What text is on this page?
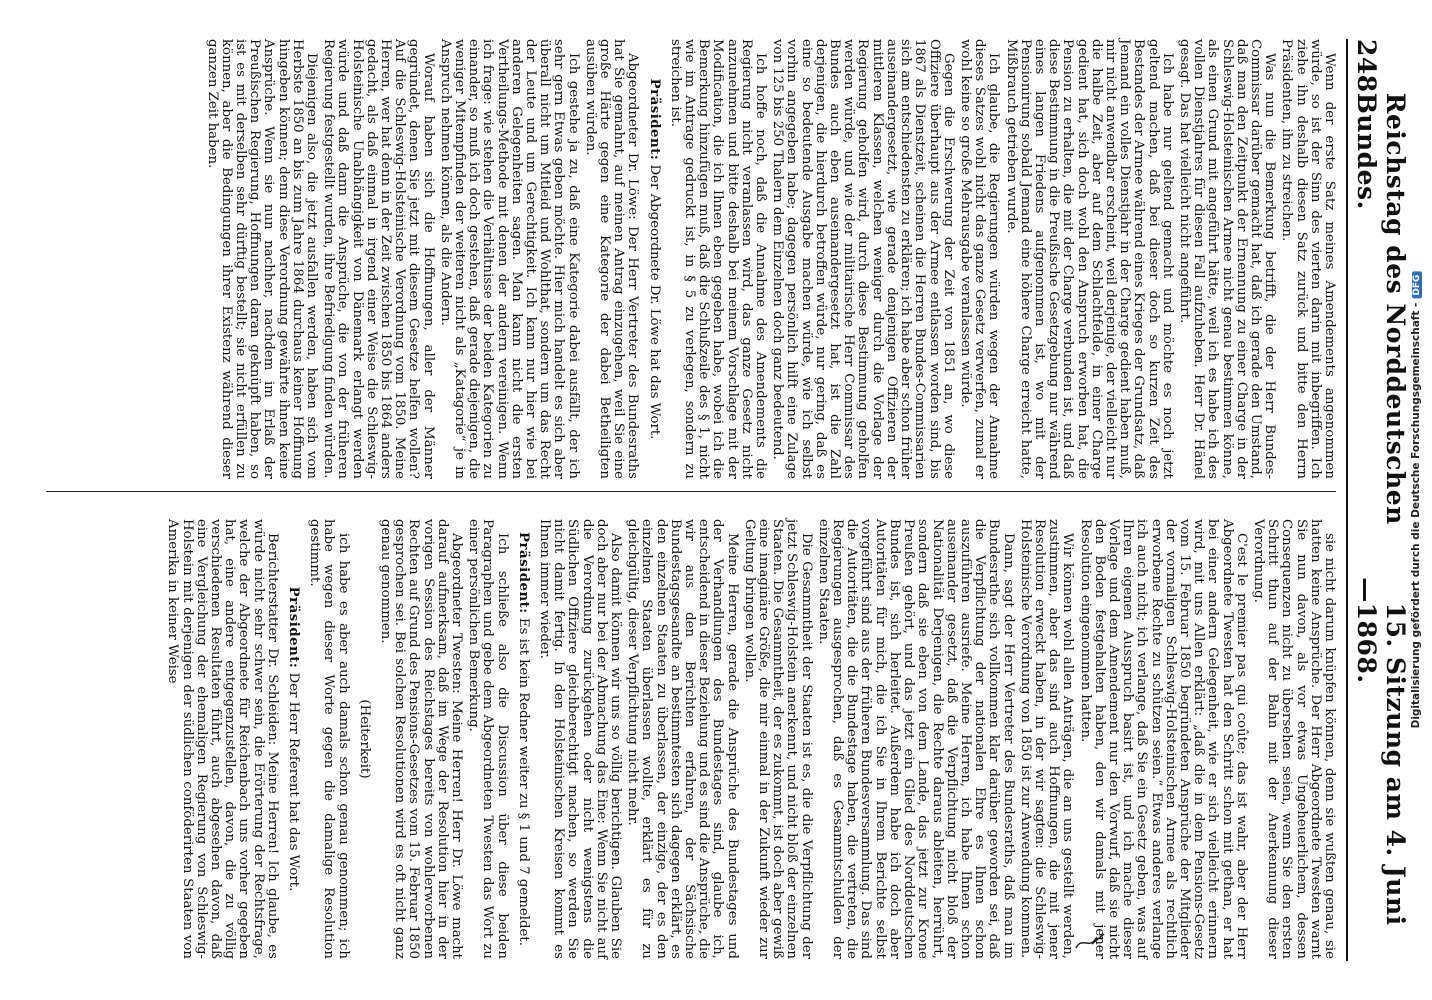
248
Reichstag des Norddeutschen Bundes.
—
15. Sitzung am 4. Juni 1868.

Wenn der erste Satz meines Amendements angenommen würde, so ist der Sinn des vierten darin mit inbegriffen. Ich ziehe ihn deshalb diesen Satz zurück und bitte den Herrn Präsidenten, ihn zu streichen.

Was nun die Bemerkung betrifft, die der Herr Bundes-Commissar darüber gemacht hat, daß ich gerade den Umstand, daß man den Zeitpunkt der Ernennung zu einer Charge in der Schleswig-Holsteinischen Armee nicht genau bestimmen könne, als einen Grund mit angeführt hätte, weil ich es habe ich des vollen Dienstjahres für diesen Fall aufzuheben. Herr Dr. Hänel gesagt. Das hat vielleicht nicht angeführt.

Ich habe nur geltend gemacht und möchte es noch jetzt geltend machen, daß bei dieser doch so kurzen Zeit des Bestandes der Armee während eines Krieges der Grundsatz, daß Jemand ein volles Dienstjahr in der Charge gedient haben muß, mir nicht anwendbar erscheint, weil derjenige, der vielleicht nur die halbe Zeit, aber auf dem Schlachtfelde, in einer Charge gedient hat, sich doch wohl den Anspruch erworben hat, die Pension zu erhalten, die mit der Charge verbunden ist, und daß diese Bestimmung in die Preußische Gesetzgebung nur während eines langen Friedens aufgenommen ist, wo mit der Pensionirung sobald Jemand eine höhere Charge erreicht hatte, Mißbrauch getrieben wurde.

Ich glaube, die Regierungen würden wegen der Annahme dieses Satzes wohl nicht das ganze Gesetz verwerfen, zumal er wohl keine so große Mehrausgabe veranlassen würde.

Gegen die Erschwerung der Zeit von 1851 an, wo diese Offiziere überhaupt aus der Armee entlassen worden sind, bis 1867 als Dienstzeit, scheinen die Herren Bundes-Commissarien sich am entschiedensten zu erklären; ich habe aber schon früher auseinandergesetzt, wie gerade denjenigen Offizieren der mittleren Klassen, welchen weniger durch die Vorlage der Regierung geholfen wird, durch diese Bestimmung geholfen werden würde, und wie der militairische Herr Commissar des Bundes auch eben auseinandergesetzt hat, ist die Zahl derjenigen, die hierdurch betroffen würde, nur gering, daß es eine so bedeutende Ausgabe machen würde, wie ich selbst vorhin angegeben habe; dagegen persönlich hilft eine Zulage von 125 bis 250 Thalern dem Einzelnen doch ganz bedeutend.

Ich hoffe noch, daß die Annahme des Amendements die Regierung nicht veranlassen wird, das ganze Gesetz nicht anzunehmen und bitte deshalb bei meinem Vorschlage mit der Modification, die ich Ihnen eben gegeben habe, wobei ich die Bemerkung hinzufügen muß, daß die Schlußzeile des § 1, nicht wie im Antrage gedruckt ist, in § 5 zu verlegen, sondern zu streichen ist.

Präsident: Der Abgeordnete Dr. Löwe hat das Wort.

Abgeordneter Dr. Löwe: Der Herr Vertreter des Bundesraths hat Sie gemahnt, auf meinen Antrag einzugehen, weil Sie eine große Härte gegen eine Kategorie der dabei Betheiligten ausüben würden.

Ich gestehe ja zu, daß eine Kategorie dabei ausfällt, der ich sehr gern Etwas geben möchte. Hier mich handelt es sich aber überall nicht um Mitleid und Wohlthat, sondern um das Recht der Leute und um Gerechtigkeit. Ich kann nur hier wie bei anderen Gelegenheiten sagen. Man kann nicht die ersten Vertheilungs-Methode mit denen der andern vereinigen. Wenn ich frage: wie stehen die Verhältnisse der beiden Kategorien zu einander, so muß ich doch gestehen, daß gerade diejenigen, die weniger Mitempfinden der weiteren nicht als „Katagorie“ je in Anspruch nehmen können, als die Andern.

Worauf haben sich die Hoffnungen, aller der Männer gegründet, denen Sie jetzt mit diesem Gesetze helfen wollen? Auf die Schleswig-Holsteinische Verordnung vom 1850. Meine Herren, wer hat denn in der Zeit zwischen 1850 bis 1864 anders gedacht, als daß einmal in irgend einer Weise die Schleswig-Holsteinische Unabhängigkeit von Dänemark erlangt werden würde und daß dann die Ansprüche, die von der früheren Regierung festgestellt wurden, ihre Befriedigung finden würden.

Diejenigen also, die jetzt ausfallen werden, haben sich vom Herbste 1850 an bis zum Jahre 1864 durchaus keiner Hoffnung hingeben können; denn diese Verordnung gewährte ihnen keine Ansprüche. Wenn sie nun nachher, nachdem im Erlaß der Preußischen Regierung, Hoffnungen daran geknüpft haben, so ist es mit derselben sehr dürftig bestellt; sie nicht erfüllen zu können, aber die Bedingungen ihrer Existenz während dieser ganzen Zeit haben.

sie nicht darum knüpfen können, denn sie wußten genau, sie hatten keine Ansprüche. Der Herr Abgeordnete Twesten warnt Sie nun davon, als vor etwas Ungeheuerlichem, dessen Consequenzen nicht zu übersehen seien, wenn Sie den ersten Schritt thun auf der Bahn mit der Anerkennung dieser Verordnung.

C'est le premier pas qui coûte; das ist wahr, aber der Herr Abgeordnete Twesten hat den Schritt schon mit gethan, er hat bei einer andern Gelegenheit, wie er sich vielleicht erinnern wird, mit uns Allen erklärt: „daß die in dem Pensions-Gesetz vom 15. Februar 1850 begründeten Ansprüche der Mitglieder der vormaligen Schleswig-Holsteinischen Armee als rechtlich erworbene Rechte zu schützen seien.“ Etwas anderes verlange ich auch nicht; ich verlange, daß Sie ein Gesetz geben, was auf Ihren eigenen Ausspruch basirt ist, und ich mache dieser Vorlage und dem Amendement nur den Vorwurf, daß sie nicht den Boden festgehalten haben, den wir damals mit jener Resolution eingenommen hatten.

Wir können wohl allen Anträgen, die an uns gestellt werden, zustimmen, aber das sind auch Hoffnungen, die mit jener Resolution erweckt haben, in der wir sagten: die Schleswig-Holsteinische Verordnung von 1850 ist zur Anwendung kommen.

Dann, sagt der Herr Vertreter des Bundesraths, daß man im Bundesrathe sich vollkommen klar darüber geworden sei, daß die Verpflichtung der nationalen Ehre es Ihnen schon auszuführen ausriefe. Meine Herren, ich habe Ihnen schon auseinander gesetzt, daß die Verpflichtung nicht bloß der Nationalität Derjenigen, die Rechte daraus ableiten, herrührt, sondern daß sie eben von dem Lande, das jetzt zur Krone Preußen gehört, und das jetzt ein Glied des Norddeutschen Bundes ist, sich herleitet. Außerdem habe ich doch aber Autoritäten für mich, die ich Sie in Ihrem Berichte selbst vorgeführt sind aus der früheren Bundesversammlung. Das sind die Autoritäten, die die Bundestage haben, die vertreten, die Regierungen ausgesprochen, daß es Gesammtschulden der einzelnen Staaten.

Die Gesammtheit der Staaten ist es, die die Verpflichtung der jetzt Schleswig-Holstein anerkennt, und nicht bloß der einzelnen Staaten. Die Gesammtheit, der es zukommt, ist doch aber gewiß eine imaginäre Größe, die mir einmal in der Zukunft wieder zur Geltung bringen wollen.

Meine Herren, gerade die Ansprüche des Bundestages und der Verhandlungen des Bundestages sind, glaube ich, entscheidend in dieser Beziehung und es sind die Ansprüche, die wir aus den Berichten erfahren, der Sächsische Bundestagsgesandte an bestimmtesten sich dagegen erklärt, es den einzelnen Staaten zu überlassen, der einzige, der es den einzelnen Staaten überlassen wollte, erklärt es für zu gleichgültig, dieser Verpflichtung nicht mehr.

Also damit können wir uns so völlig berichtigen. Glauben Sie doch aber nur bei der Abmachung das Eine: Wenn Sie nicht auf die Verordnung zurückgehen oder nicht wenigstens die Südlichen Offiziere gleichberechtigt machen, so werden Sie nicht damit fertig. In den Holsteinischen Kreisen kommt es Ihnen immer wieder.

Präsident: Es ist kein Redner weiter zu § 1 und 7 gemeldet.

Ich schließe also die Discussion über diese beiden Paragraphen und gebe dem Abgeordneten Twesten das Wort zu einer persönlichen Bemerkung.

Abgeordneter Twesten: Meine Herren! Herr Dr. Löwe macht darauf aufmerksam, daß im Wege der Resolution hier in der vorigen Session des Reichstages bereits von wohlerworbenen Rechten auf Grund des Pensions-Gesetzes vom 15. Februar 1850 gesprochen sei. Bei solchen Resolutionen wird es oft nicht ganz genau genommen.

(Heiterkeit)

ich habe es aber auch damals schon genau genommen; ich habe wegen dieser Worte gegen die damalige Resolution gestimmt.

Präsident: Der Herr Referent hat das Wort.

Berichterstatter Dr. Schleiden: Meine Herren! Ich glaube, es würde nicht sehr schwer sein, die Erörterung der Rechtsfrage, welche der Abgeordnete für Reichenbach uns vorher gegeben hat, eine andere entgegenzustellen, davon, die zu völlig verschiedenen Resultaten führt, auch abgesehen davon, daß eine Vergleichung der ehemaligen Regierung von Schleswig-Holstein mit derjenigen der südlichen conföderirten Staaten von Amerika in keiner Weise	Digitalisierung gefördert durch die Deutsche Forschungsgemeinschaft -DFG
